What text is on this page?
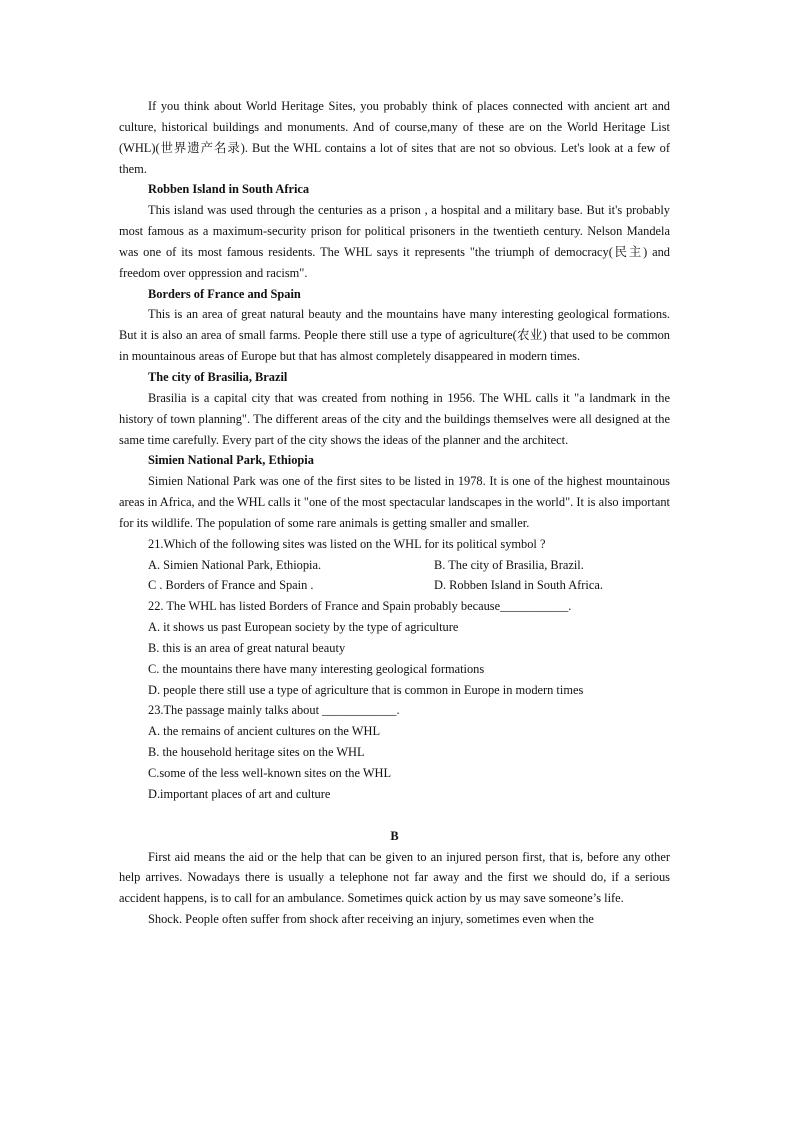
If you think about World Heritage Sites, you probably think of places connected with ancient art and culture, historical buildings and monuments. And of course,many of these are on the World Heritage List (WHL)(世界遗产名录). But the WHL contains a lot of sites that are not so obvious. Let's look at a few of them.

Robben Island in South Africa

This island was used through the centuries as a prison , a hospital and a military base. But it's probably most famous as a maximum-security prison for political prisoners in the twentieth century. Nelson Mandela was one of its most famous residents. The WHL says it represents "the triumph of democracy(民主) and freedom over oppression and racism".

Borders of France and Spain

This is an area of great natural beauty and the mountains have many interesting geological formations. But it is also an area of small farms. People there still use a type of agriculture(农业) that used to be common in mountainous areas of Europe but that has almost completely disappeared in modern times.

The city of Brasilia, Brazil

Brasilia is a capital city that was created from nothing in 1956. The WHL calls it "a landmark in the history of town planning". The different areas of the city and the buildings themselves were all designed at the same time carefully. Every part of the city shows the ideas of the planner and the architect.

Simien National Park, Ethiopia

Simien National Park was one of the first sites to be listed in 1978. It is one of the highest mountainous areas in Africa, and the WHL calls it "one of the most spectacular landscapes in the world". It is also important for its wildlife. The population of some rare animals is getting smaller and smaller.

21.Which of the following sites was listed on the WHL for its political symbol ?

A. Simien National Park, Ethiopia.	B. The city of Brasilia, Brazil.
C . Borders of France and Spain .	D. Robben Island in South Africa.

22. The WHL has listed Borders of France and Spain probably because___________.

A. it shows us past European society by the type of agriculture

B. this is an area of great natural beauty

C. the mountains there have many interesting geological formations

D. people there still use a type of agriculture that is common in Europe in modern times

23.The passage mainly talks about ____________.

A. the remains of ancient cultures on the WHL

B. the household heritage sites on the WHL

C.some of the less well-known sites on the WHL

D.important places of art and culture

B

First aid means the aid or the help that can be given to an injured person first, that is, before any other help arrives. Nowadays there is usually a telephone not far away and the first we should do, if a serious accident happens, is to call for an ambulance. Sometimes quick action by us may save someone’s life.

Shock. People often suffer from shock after receiving an injury, sometimes even when the
